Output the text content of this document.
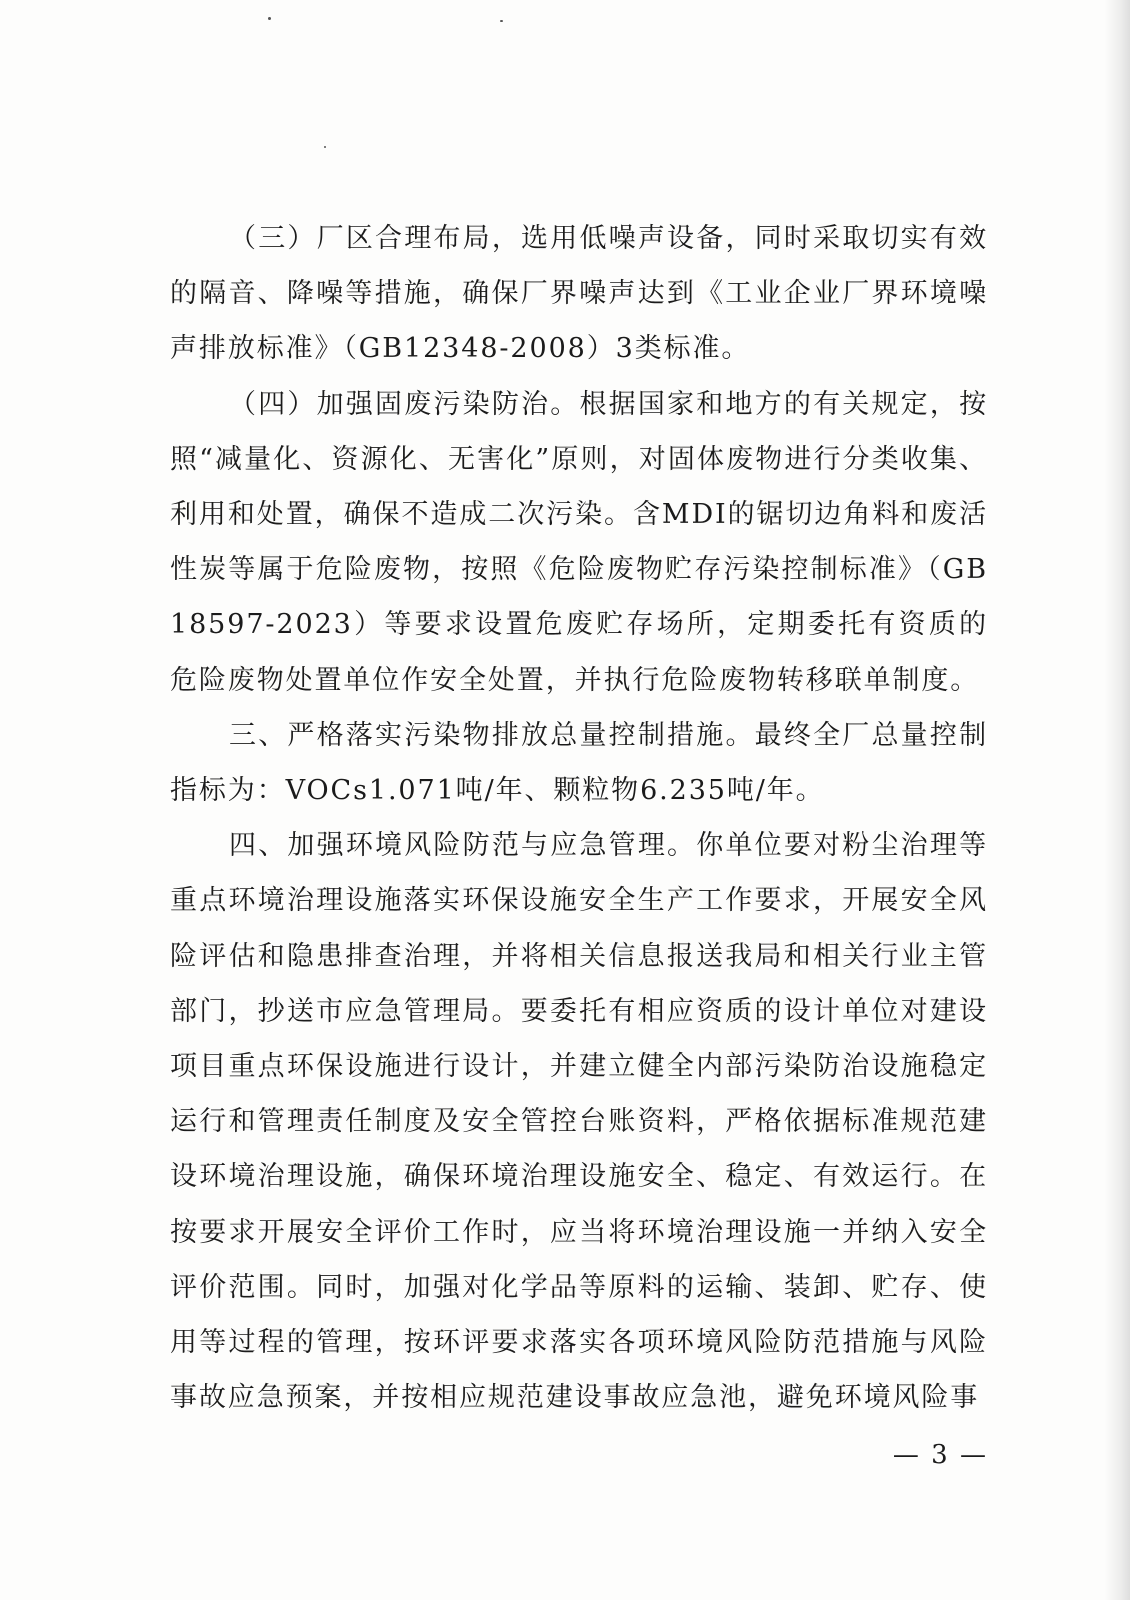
（三）厂区合理布局，选用低噪声设备，同时采取切实有效的隔音、降噪等措施，确保厂界噪声达到《工业企业厂界环境噪声排放标准》（GB12348-2008）3类标准。

（四）加强固废污染防治。根据国家和地方的有关规定，按照“减量化、资源化、无害化”原则，对固体废物进行分类收集、利用和处置，确保不造成二次污染。含MDI的锯切边角料和废活性炭等属于危险废物，按照《危险废物贮存污染控制标准》（GB18597-2023）等要求设置危废贮存场所，定期委托有资质的危险废物处置单位作安全处置，并执行危险废物转移联单制度。

三、严格落实污染物排放总量控制措施。最终全厂总量控制指标为：VOCs1.071吨/年、颗粒物6.235吨/年。

四、加强环境风险防范与应急管理。你单位要对粉尘治理等重点环境治理设施落实环保设施安全生产工作要求，开展安全风险评估和隐患排查治理，并将相关信息报送我局和相关行业主管部门，抄送市应急管理局。要委托有相应资质的设计单位对建设项目重点环保设施进行设计，并建立健全内部污染防治设施稳定运行和管理责任制度及安全管控台账资料，严格依据标准规范建设环境治理设施，确保环境治理设施安全、稳定、有效运行。在按要求开展安全评价工作时，应当将环境治理设施一并纳入安全评价范围。同时，加强对化学品等原料的运输、装卸、贮存、使用等过程的管理，按环评要求落实各项环境风险防范措施与风险事故应急预案，并按相应规范建设事故应急池，避免环境风险事

— 3 —
